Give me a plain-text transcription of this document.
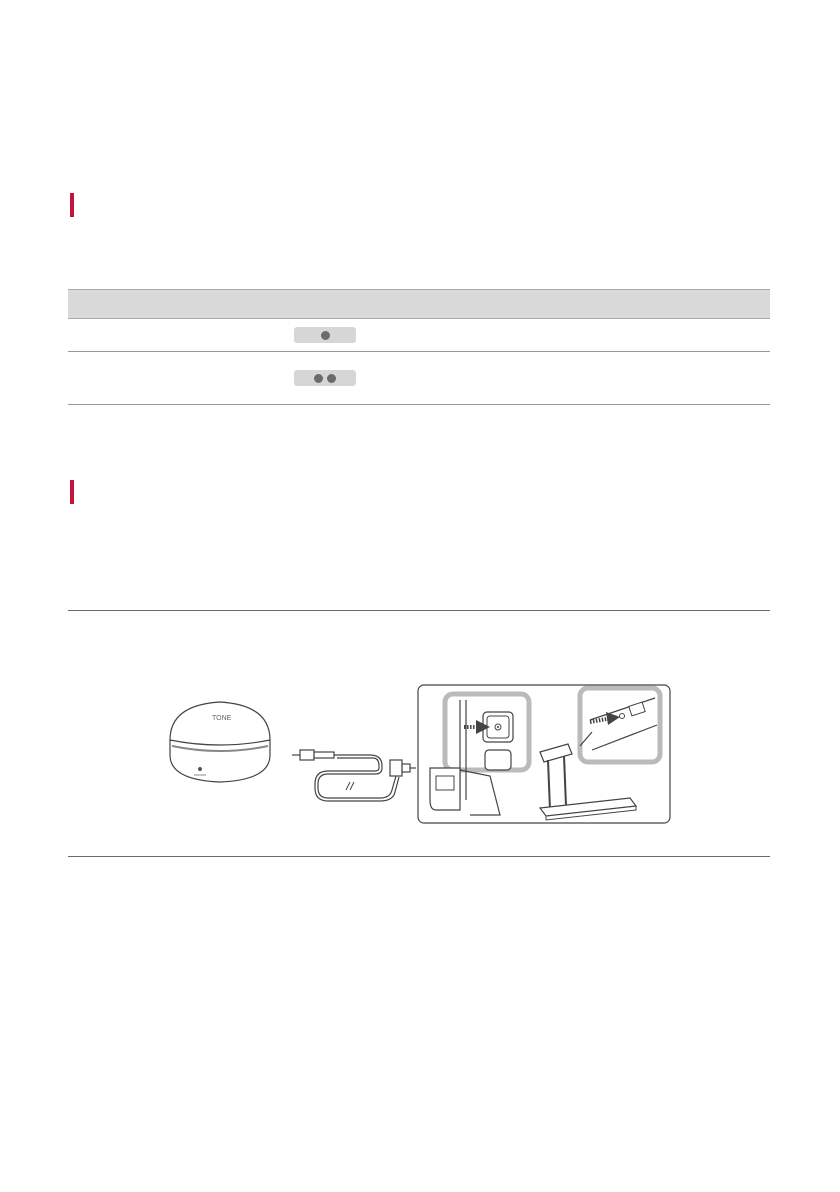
TONE
